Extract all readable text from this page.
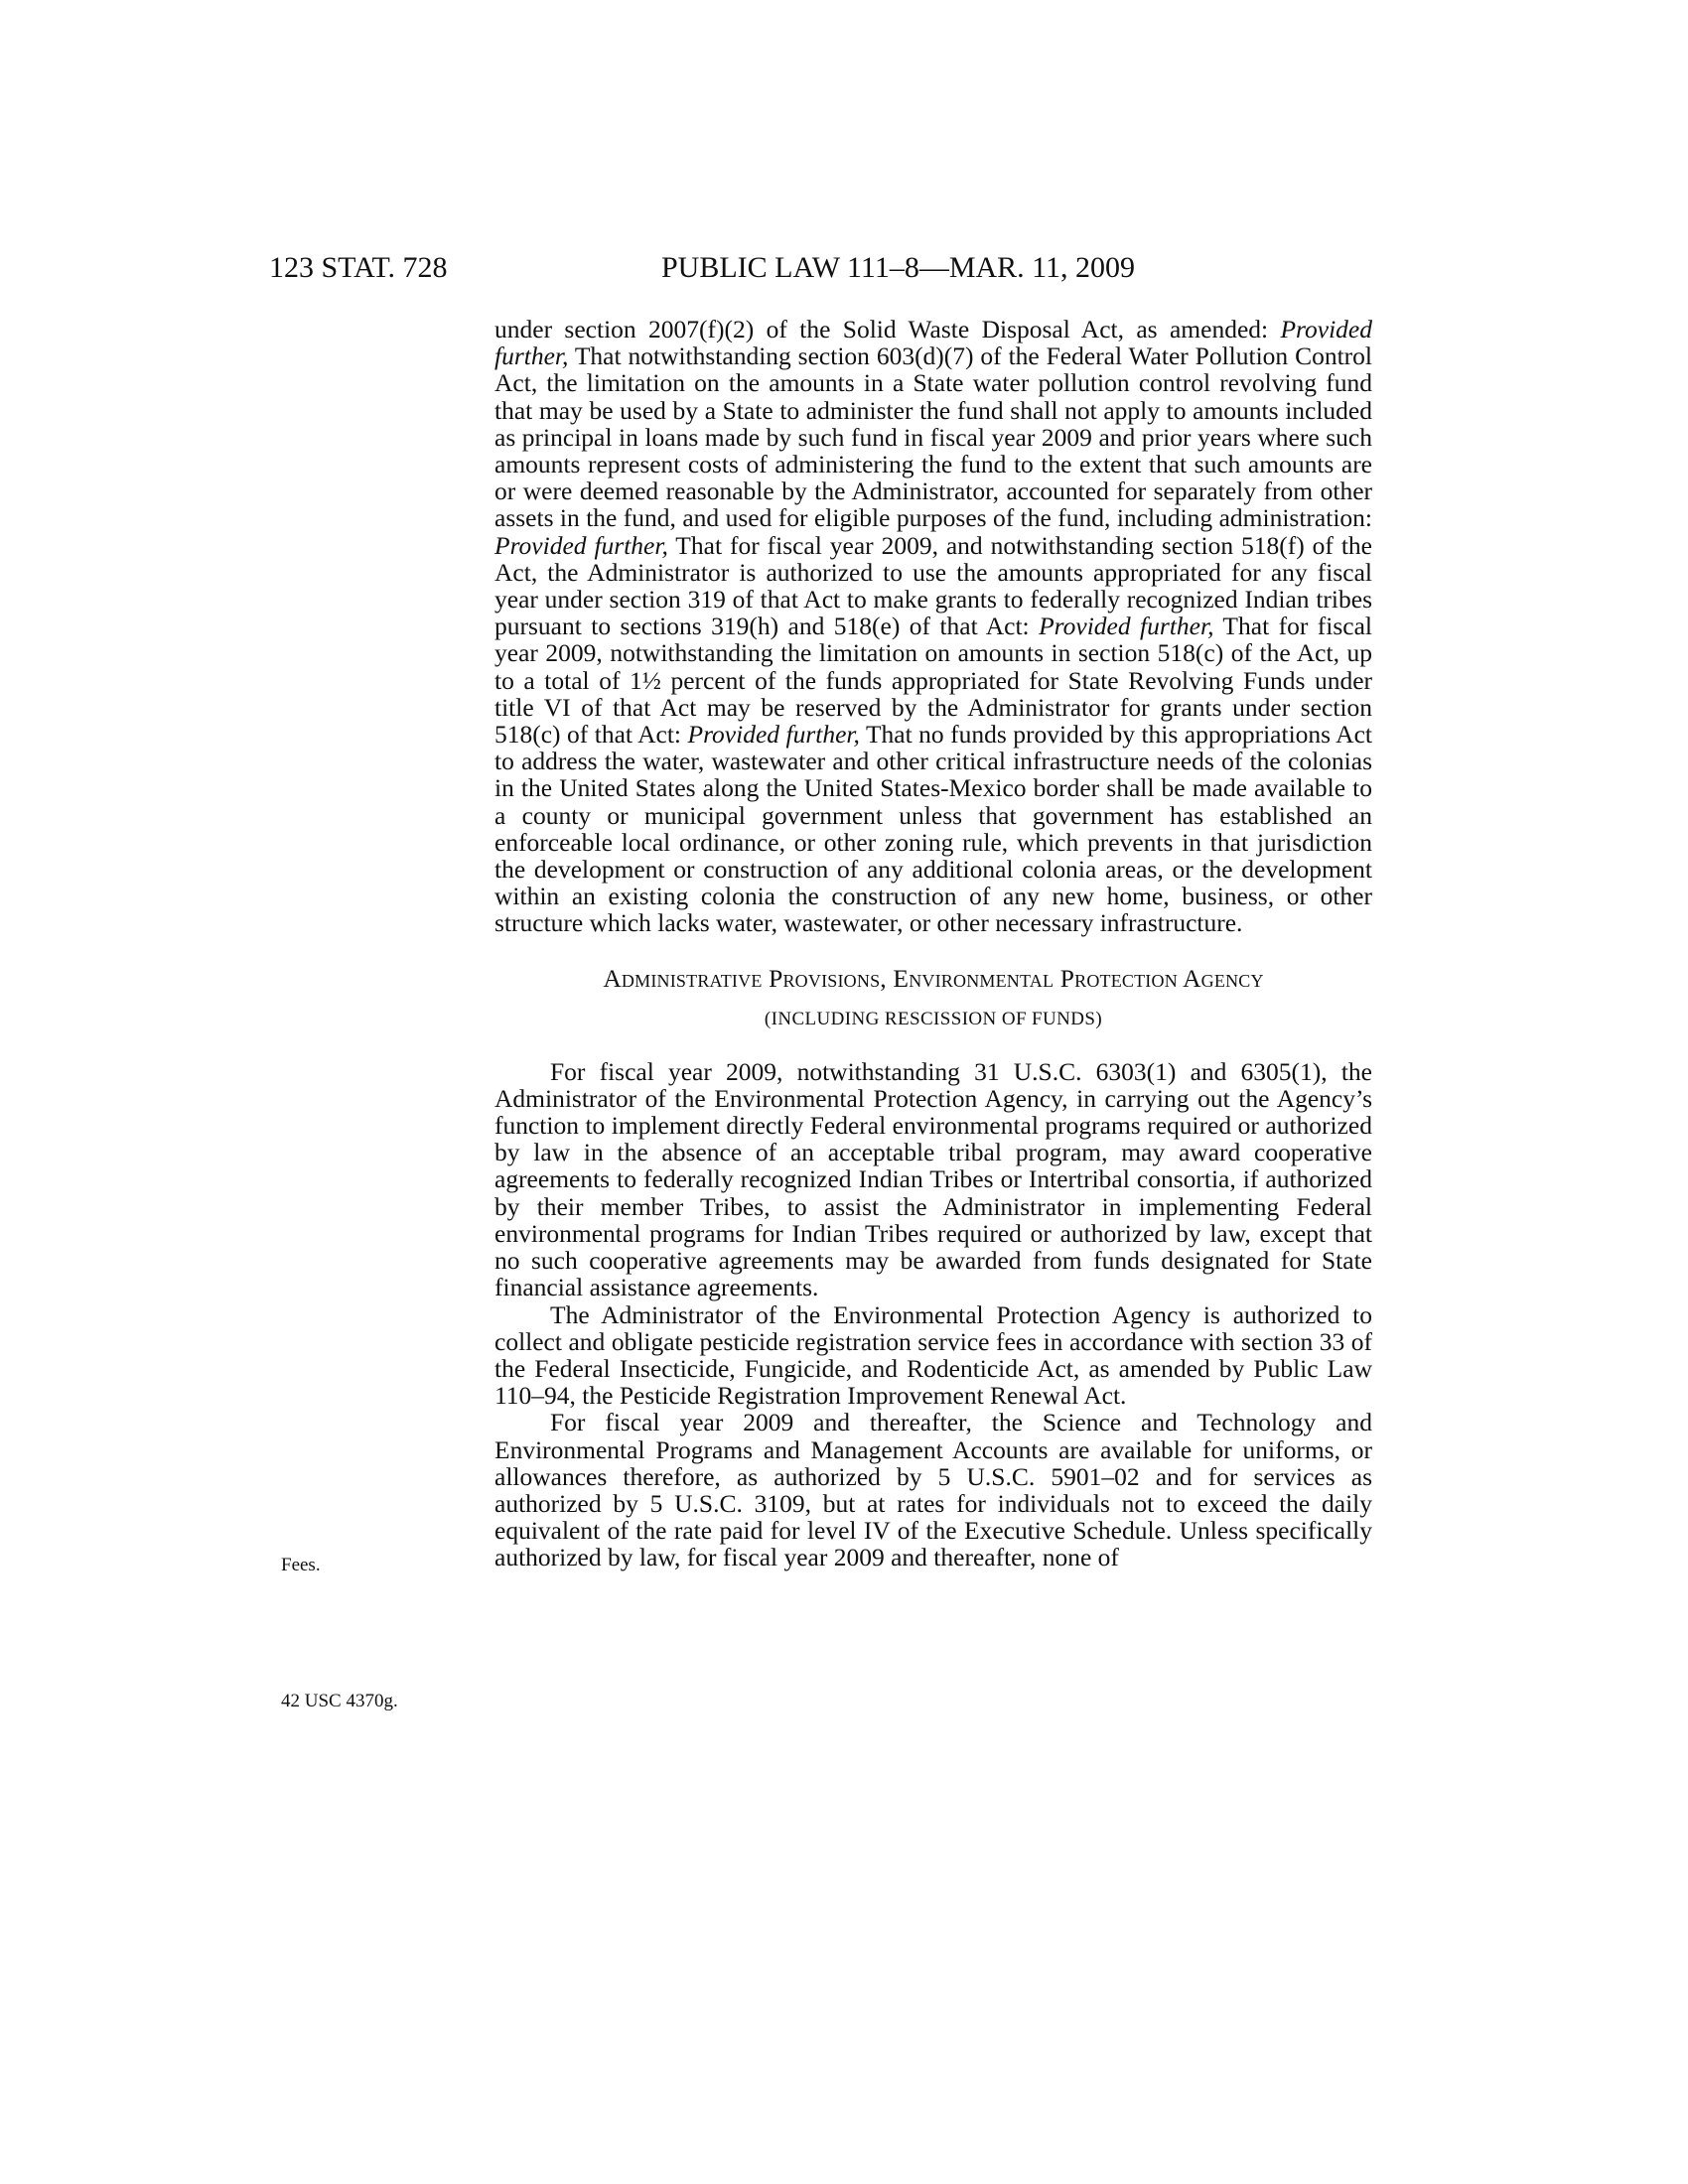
123 STAT. 728	PUBLIC LAW 111–8—MAR. 11, 2009

under section 2007(f)(2) of the Solid Waste Disposal Act, as amended: Provided further, That notwithstanding section 603(d)(7) of the Federal Water Pollution Control Act, the limitation on the amounts in a State water pollution control revolving fund that may be used by a State to administer the fund shall not apply to amounts included as principal in loans made by such fund in fiscal year 2009 and prior years where such amounts represent costs of administering the fund to the extent that such amounts are or were deemed reasonable by the Administrator, accounted for separately from other assets in the fund, and used for eligible purposes of the fund, including administration: Provided further, That for fiscal year 2009, and notwithstanding section 518(f) of the Act, the Administrator is authorized to use the amounts appropriated for any fiscal year under section 319 of that Act to make grants to federally recognized Indian tribes pursuant to sections 319(h) and 518(e) of that Act: Provided further, That for fiscal year 2009, notwithstanding the limitation on amounts in section 518(c) of the Act, up to a total of 1½ percent of the funds appropriated for State Revolving Funds under title VI of that Act may be reserved by the Administrator for grants under section 518(c) of that Act: Provided further, That no funds provided by this appropriations Act to address the water, wastewater and other critical infrastructure needs of the colonias in the United States along the United States-Mexico border shall be made available to a county or municipal government unless that government has established an enforceable local ordinance, or other zoning rule, which prevents in that jurisdiction the development or construction of any additional colonia areas, or the development within an existing colonia the construction of any new home, business, or other structure which lacks water, wastewater, or other necessary infrastructure.

Administrative Provisions, Environmental Protection Agency
(INCLUDING RESCISSION OF FUNDS)

For fiscal year 2009, notwithstanding 31 U.S.C. 6303(1) and 6305(1), the Administrator of the Environmental Protection Agency, in carrying out the Agency’s function to implement directly Federal environmental programs required or authorized by law in the absence of an acceptable tribal program, may award cooperative agreements to federally recognized Indian Tribes or Intertribal consortia, if authorized by their member Tribes, to assist the Administrator in implementing Federal environmental programs for Indian Tribes required or authorized by law, except that no such cooperative agreements may be awarded from funds designated for State financial assistance agreements.

The Administrator of the Environmental Protection Agency is authorized to collect and obligate pesticide registration service fees in accordance with section 33 of the Federal Insecticide, Fungicide, and Rodenticide Act, as amended by Public Law 110–94, the Pesticide Registration Improvement Renewal Act.

For fiscal year 2009 and thereafter, the Science and Technology and Environmental Programs and Management Accounts are available for uniforms, or allowances therefore, as authorized by 5 U.S.C. 5901–02 and for services as authorized by 5 U.S.C. 3109, but at rates for individuals not to exceed the daily equivalent of the rate paid for level IV of the Executive Schedule. Unless specifically authorized by law, for fiscal year 2009 and thereafter, none of

Fees.
42 USC 4370g.
